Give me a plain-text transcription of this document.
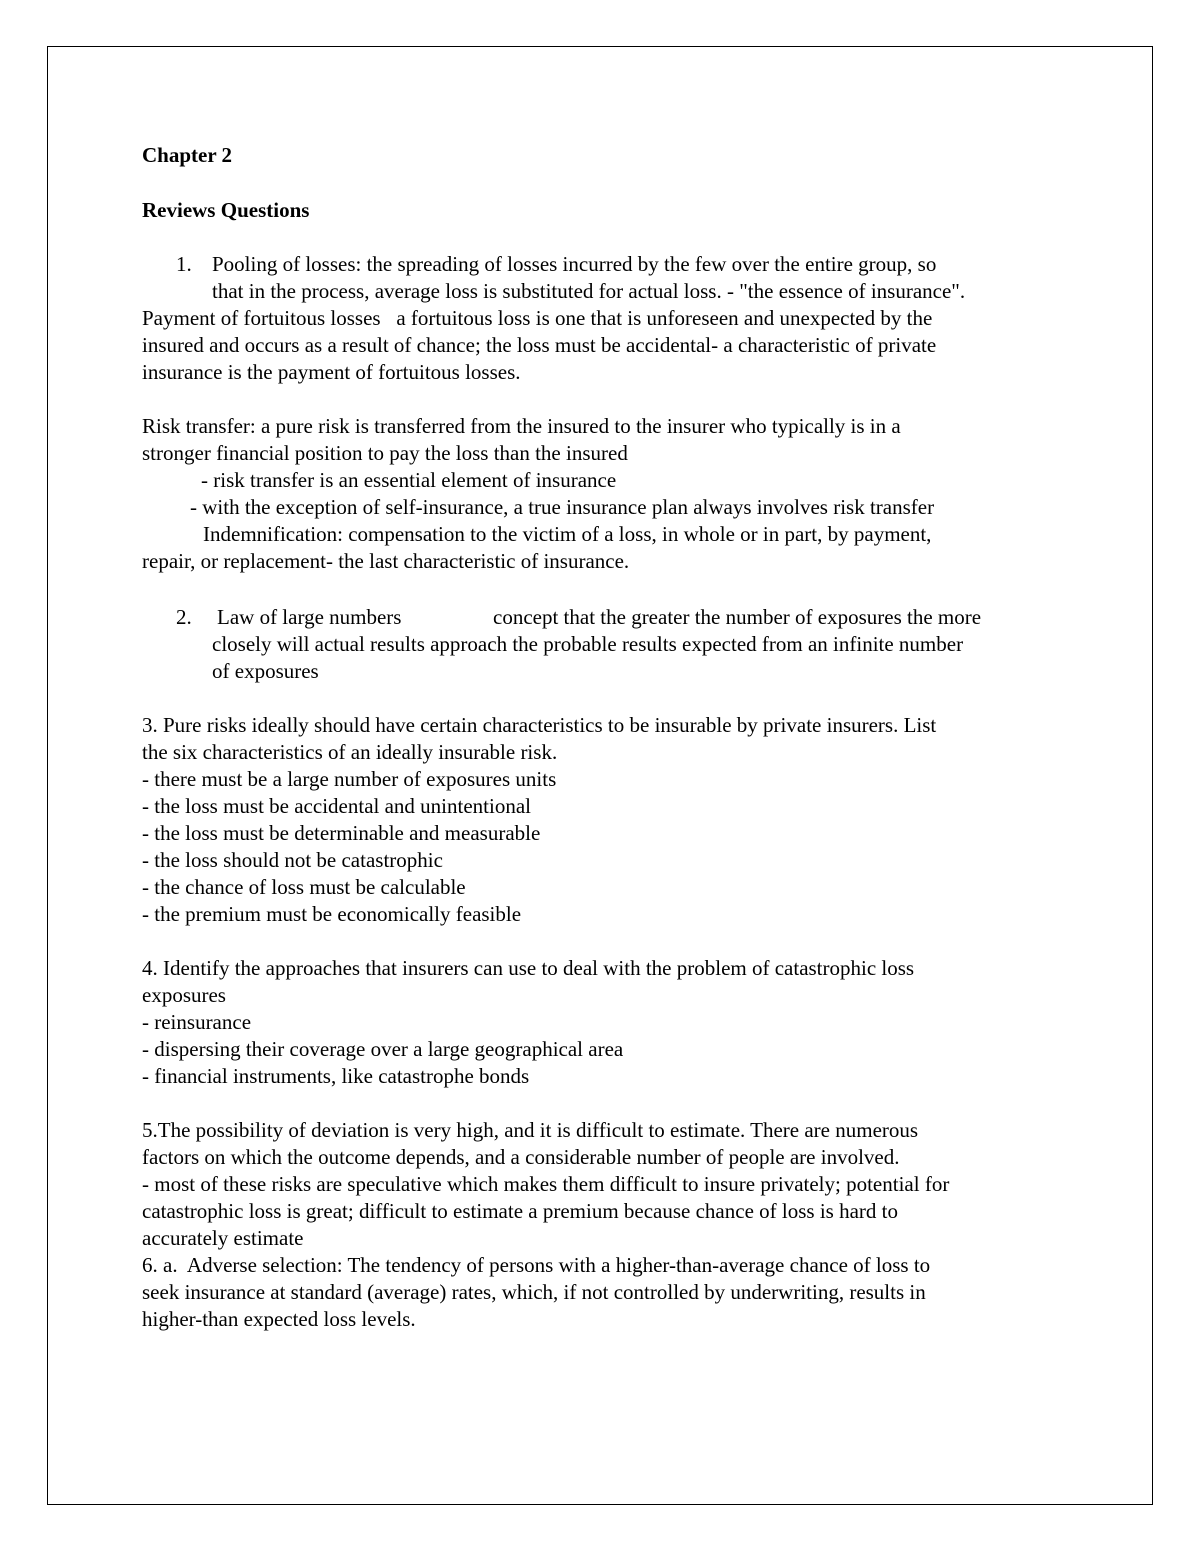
Chapter 2
Reviews Questions
1. Pooling of losses: the spreading of losses incurred by the few over the entire group, so
that in the process, average loss is substituted for actual loss. - "the essence of insurance".
Payment of fortuitous losses   a fortuitous loss is one that is unforeseen and unexpected by the
insured and occurs as a result of chance; the loss must be accidental- a characteristic of private
insurance is the payment of fortuitous losses.
Risk transfer: a pure risk is transferred from the insured to the insurer who typically is in a
stronger financial position to pay the loss than the insured
- risk transfer is an essential element of insurance
- with the exception of self-insurance, a true insurance plan always involves risk transfer
Indemnification: compensation to the victim of a loss, in whole or in part, by payment,
repair, or replacement- the last characteristic of insurance.
2. Law of large numbers	concept that the greater the number of exposures the more
closely will actual results approach the probable results expected from an infinite number
of exposures
3. Pure risks ideally should have certain characteristics to be insurable by private insurers. List
the six characteristics of an ideally insurable risk.
- there must be a large number of exposures units
- the loss must be accidental and unintentional
- the loss must be determinable and measurable
- the loss should not be catastrophic
- the chance of loss must be calculable
- the premium must be economically feasible
4. Identify the approaches that insurers can use to deal with the problem of catastrophic loss
exposures
- reinsurance
- dispersing their coverage over a large geographical area
- financial instruments, like catastrophe bonds
5.The possibility of deviation is very high, and it is difficult to estimate. There are numerous
factors on which the outcome depends, and a considerable number of people are involved.
- most of these risks are speculative which makes them difficult to insure privately; potential for
catastrophic loss is great; difficult to estimate a premium because chance of loss is hard to
accurately estimate
6. a.  Adverse selection: The tendency of persons with a higher-than-average chance of loss to
seek insurance at standard (average) rates, which, if not controlled by underwriting, results in
higher-than expected loss levels.
